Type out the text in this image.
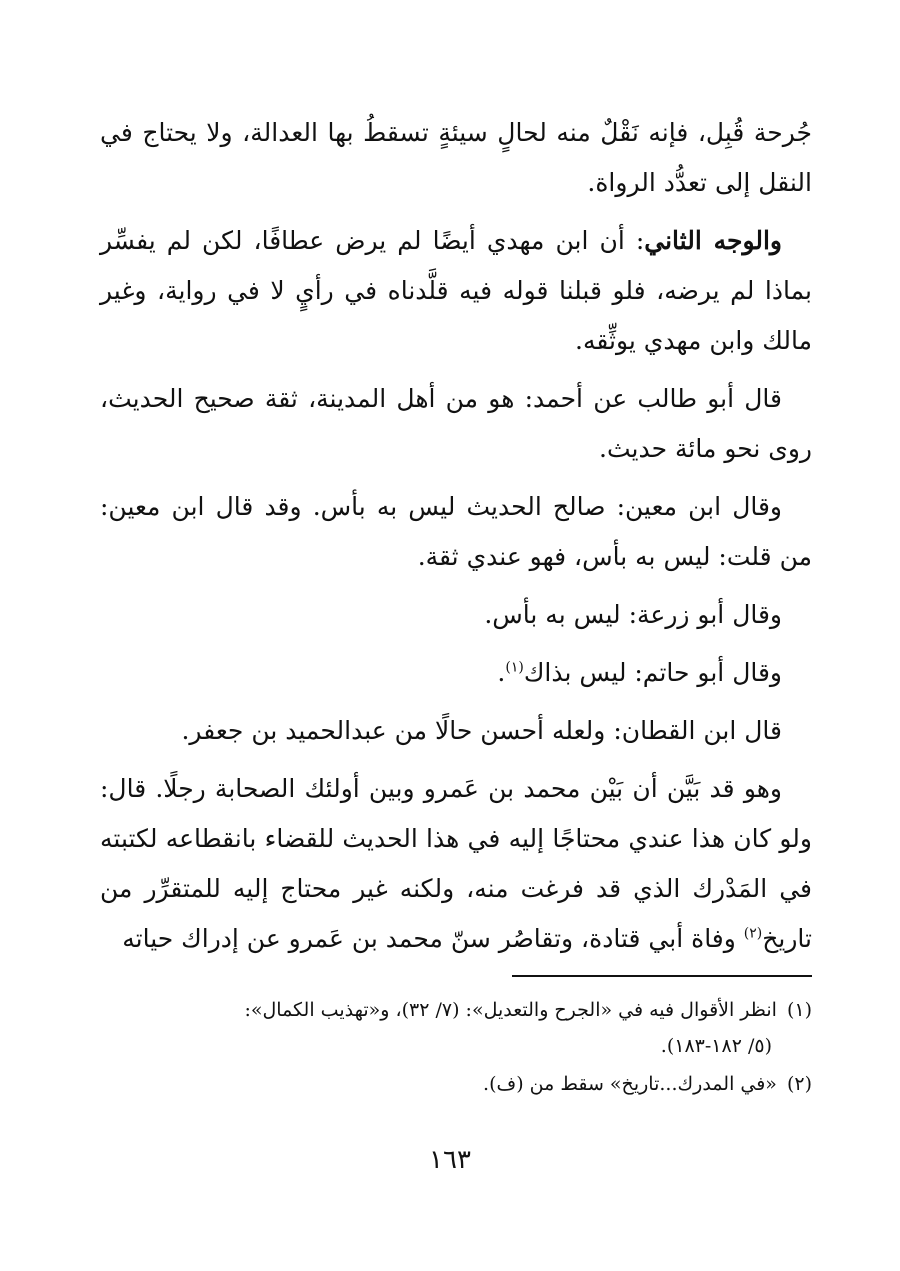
جُرحة قُبِل، فإنه نَقْلٌ منه لحالٍ سيئةٍ تسقطُ بها العدالة، ولا يحتاج في النقل إلى تعدُّد الرواة.

والوجه الثاني: أن ابن مهدي أيضًا لم يرض عطافًا، لكن لم يفسِّر بماذا لم يرضه، فلو قبلنا قوله فيه قلَّدناه في رأيٍ لا في رواية، وغير مالك وابن مهدي يوثِّقه.

قال أبو طالب عن أحمد: هو من أهل المدينة، ثقة صحيح الحديث، روى نحو مائة حديث.

وقال ابن معين: صالح الحديث ليس به بأس. وقد قال ابن معين: من قلت: ليس به بأس، فهو عندي ثقة.

وقال أبو زرعة: ليس به بأس.

وقال أبو حاتم: ليس بذاك$^{(١)}$.

قال ابن القطان: ولعله أحسن حالًا من عبدالحميد بن جعفر.

وهو قد بَيَّن أن بَيْن محمد بن عَمرو وبين أولئك الصحابة رجلًا. قال: ولو كان هذا عندي محتاجًا إليه في هذا الحديث للقضاء بانقطاعه لكتبته في المَدْرك الذي قد فرغت منه، ولكنه غير محتاج إليه للمتقرِّر من تاريخ$^{(٢)}$ وفاة أبي قتادة، وتقاصُر سنّ محمد بن عَمرو عن إدراك حياته

(١)انظر الأقوال فيه في «الجرح والتعديل»: (٧/ ٣٢)، و«تهذيب الكمال»:
(٥/ ١٨٢-١٨٣).
(٢)«في المدرك...تاريخ» سقط من (ف).
١٦٣
